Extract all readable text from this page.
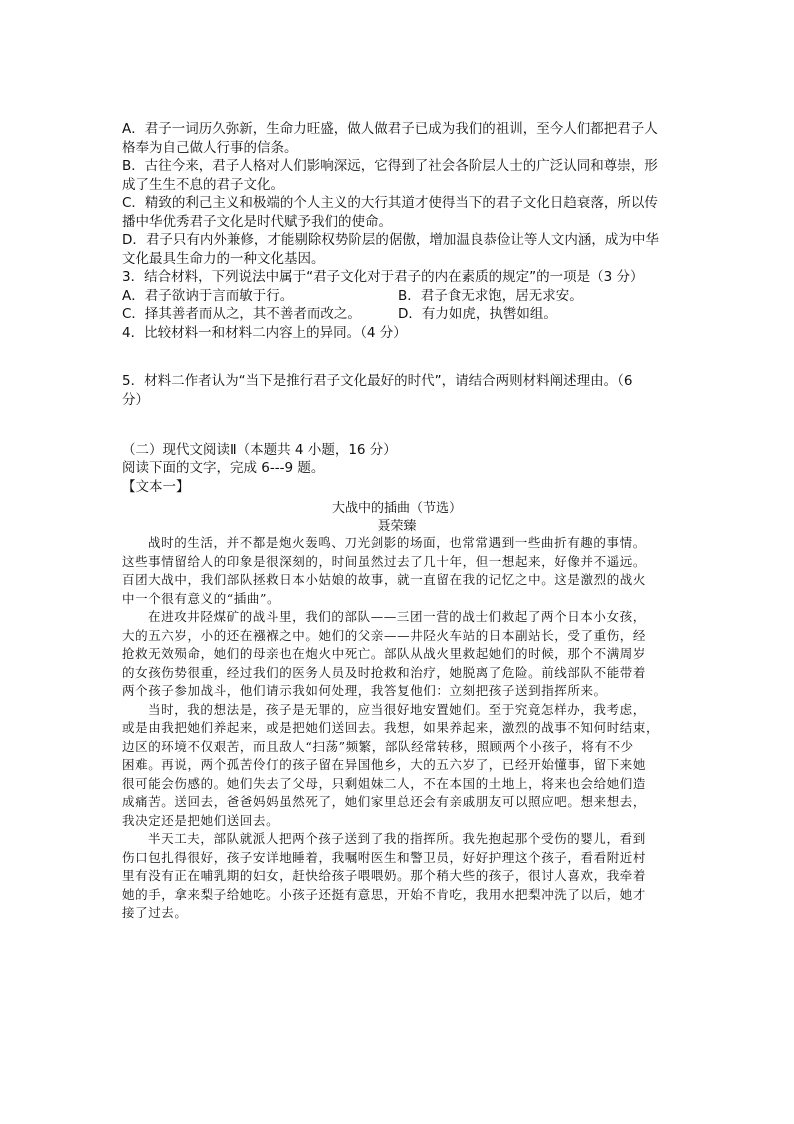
A．君子一词历久弥新，生命力旺盛，做人做君子已成为我们的祖训，至今人们都把君子人
格奉为自己做人行事的信条。
B．古往今来，君子人格对人们影响深远，它得到了社会各阶层人士的广泛认同和尊崇，形
成了生生不息的君子文化。
C．精致的利己主义和极端的个人主义的大行其道才使得当下的君子文化日趋衰落，所以传
播中华优秀君子文化是时代赋予我们的使命。
D．君子只有内外兼修，才能剔除权势阶层的倨傲，增加温良恭俭让等人文内涵，成为中华
文化最具生命力的一种文化基因。
3．结合材料，下列说法中属于“君子文化对于君子的内在素质的规定”的一项是（3 分）
A．君子欲讷于言而敏于行。	B．君子食无求饱，居无求安。
C．择其善者而从之，其不善者而改之。	D．有力如虎，执辔如组。
4．比较材料一和材料二内容上的异同。（4 分）
5．材料二作者认为“当下是推行君子文化最好的时代”，请结合两则材料阐述理由。（6
分）
（二）现代文阅读Ⅱ（本题共 4 小题，16 分）
阅读下面的文字，完成 6---9 题。
【文本一】
大战中的插曲（节选）
聂荣臻
战时的生活，并不都是炮火轰鸣、刀光剑影的场面，也常常遇到一些曲折有趣的事情。
这些事情留给人的印象是很深刻的，时间虽然过去了几十年，但一想起来，好像并不遥远。
百团大战中，我们部队拯救日本小姑娘的故事，就一直留在我的记忆之中。这是激烈的战火
中一个很有意义的“插曲”。
在进攻井陉煤矿的战斗里，我们的部队——三团一营的战士们救起了两个日本小女孩，
大的五六岁，小的还在襁褓之中。她们的父亲——井陉火车站的日本副站长，受了重伤，经
抢救无效殒命，她们的母亲也在炮火中死亡。部队从战火里救起她们的时候，那个不满周岁
的女孩伤势很重，经过我们的医务人员及时抢救和治疗，她脱离了危险。前线部队不能带着
两个孩子参加战斗，他们请示我如何处理，我答复他们：立刻把孩子送到指挥所来。
当时，我的想法是，孩子是无罪的，应当很好地安置她们。至于究竟怎样办，我考虑，
或是由我把她们养起来，或是把她们送回去。我想，如果养起来，激烈的战事不知何时结束，
边区的环境不仅艰苦，而且敌人“扫荡”频繁，部队经常转移，照顾两个小孩子，将有不少
困难。再说，两个孤苦伶仃的孩子留在异国他乡，大的五六岁了，已经开始懂事，留下来她
很可能会伤感的。她们失去了父母，只剩姐妹二人，不在本国的土地上，将来也会给她们造
成痛苦。送回去，爸爸妈妈虽然死了，她们家里总还会有亲戚朋友可以照应吧。想来想去，
我决定还是把她们送回去。
半天工夫，部队就派人把两个孩子送到了我的指挥所。我先抱起那个受伤的婴儿，看到
伤口包扎得很好，孩子安详地睡着，我嘱咐医生和警卫员，好好护理这个孩子，看看附近村
里有没有正在哺乳期的妇女，赶快给孩子喂喂奶。那个稍大些的孩子，很讨人喜欢，我牵着
她的手，拿来梨子给她吃。小孩子还挺有意思，开始不肯吃，我用水把梨冲洗了以后，她才
接了过去。
